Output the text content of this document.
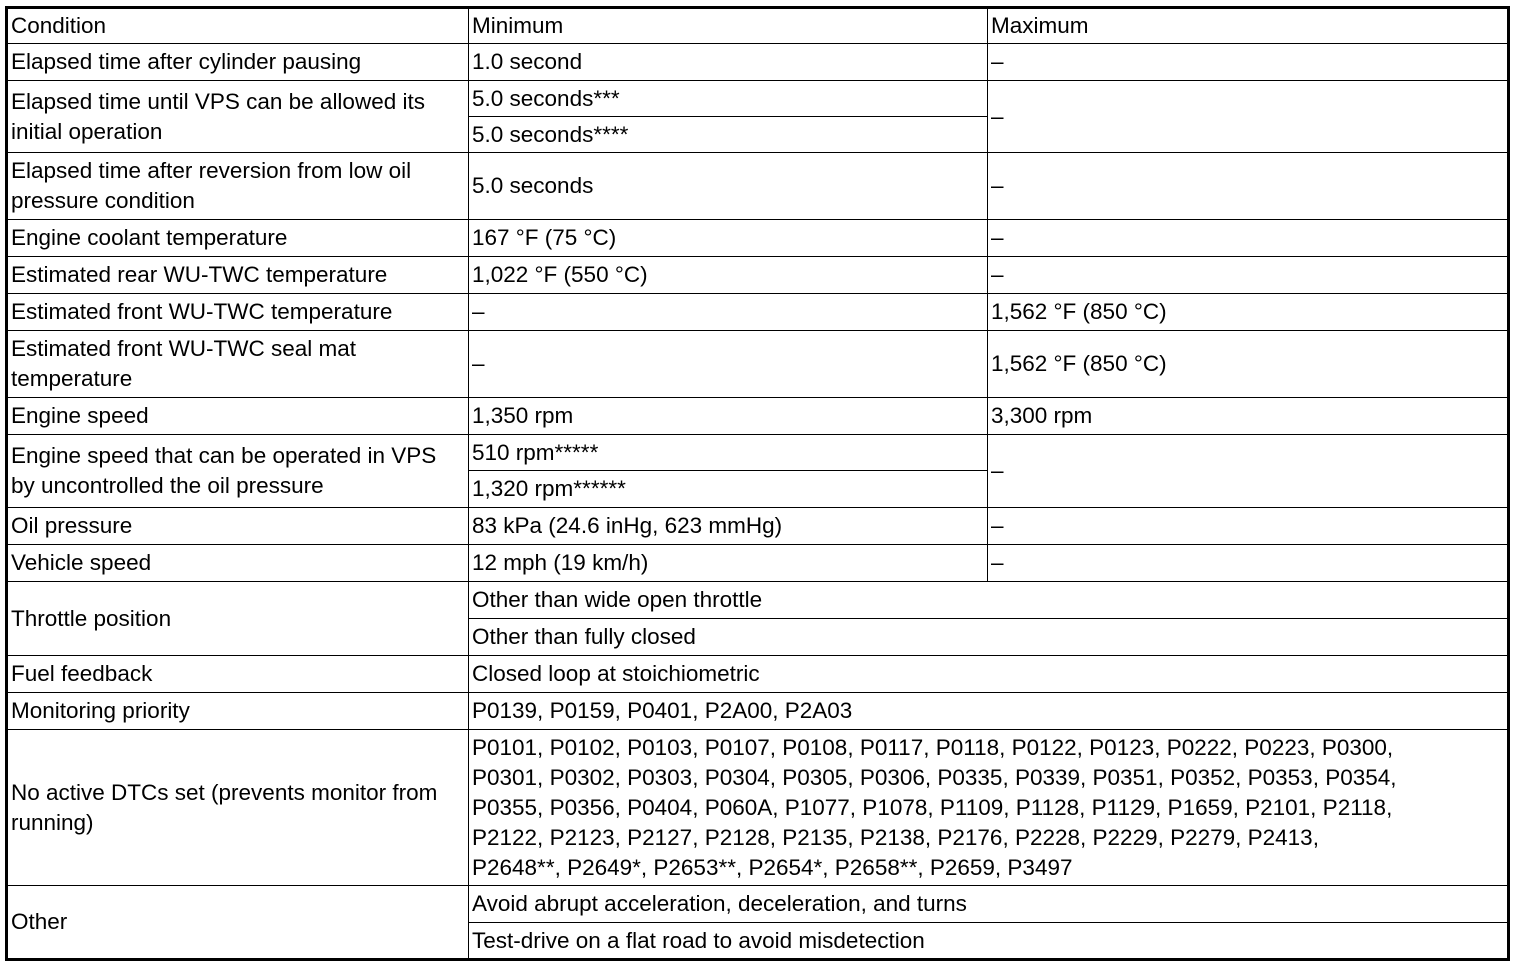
Condition	Minimum	Maximum
Elapsed time after cylinder pausing	1.0 second	–
Elapsed time until VPS can be allowed its initial operation	5.0 seconds***	–
	5.0 seconds****	
Elapsed time after reversion from low oil pressure condition	5.0 seconds	–
Engine coolant temperature	167 °F (75 °C)	–
Estimated rear WU-TWC temperature	1,022 °F (550 °C)	–
Estimated front WU-TWC temperature	–	1,562 °F (850 °C)
Estimated front WU-TWC seal mat temperature	–	1,562 °F (850 °C)
Engine speed	1,350 rpm	3,300 rpm
Engine speed that can be operated in VPS by uncontrolled the oil pressure	510 rpm*****	–
	1,320 rpm******	
Oil pressure	83 kPa (24.6 inHg, 623 mmHg)	–
Vehicle speed	12 mph (19 km/h)	–
Throttle position	Other than wide open throttle	
	Other than fully closed	
Fuel feedback	Closed loop at stoichiometric	
Monitoring priority	P0139, P0159, P0401, P2A00, P2A03	
No active DTCs set (prevents monitor from running)	P0101, P0102, P0103, P0107, P0108, P0117, P0118, P0122, P0123, P0222, P0223, P0300,
P0301, P0302, P0303, P0304, P0305, P0306, P0335, P0339, P0351, P0352, P0353, P0354,
P0355, P0356, P0404, P060A, P1077, P1078, P1109, P1128, P1129, P1659, P2101, P2118,
P2122, P2123, P2127, P2128, P2135, P2138, P2176, P2228, P2229, P2279, P2413,
P2648**, P2649*, P2653**, P2654*, P2658**, P2659, P3497	

Other	Avoid abrupt acceleration, deceleration, and turns	
	Test-drive on a flat road to avoid misdetection	
